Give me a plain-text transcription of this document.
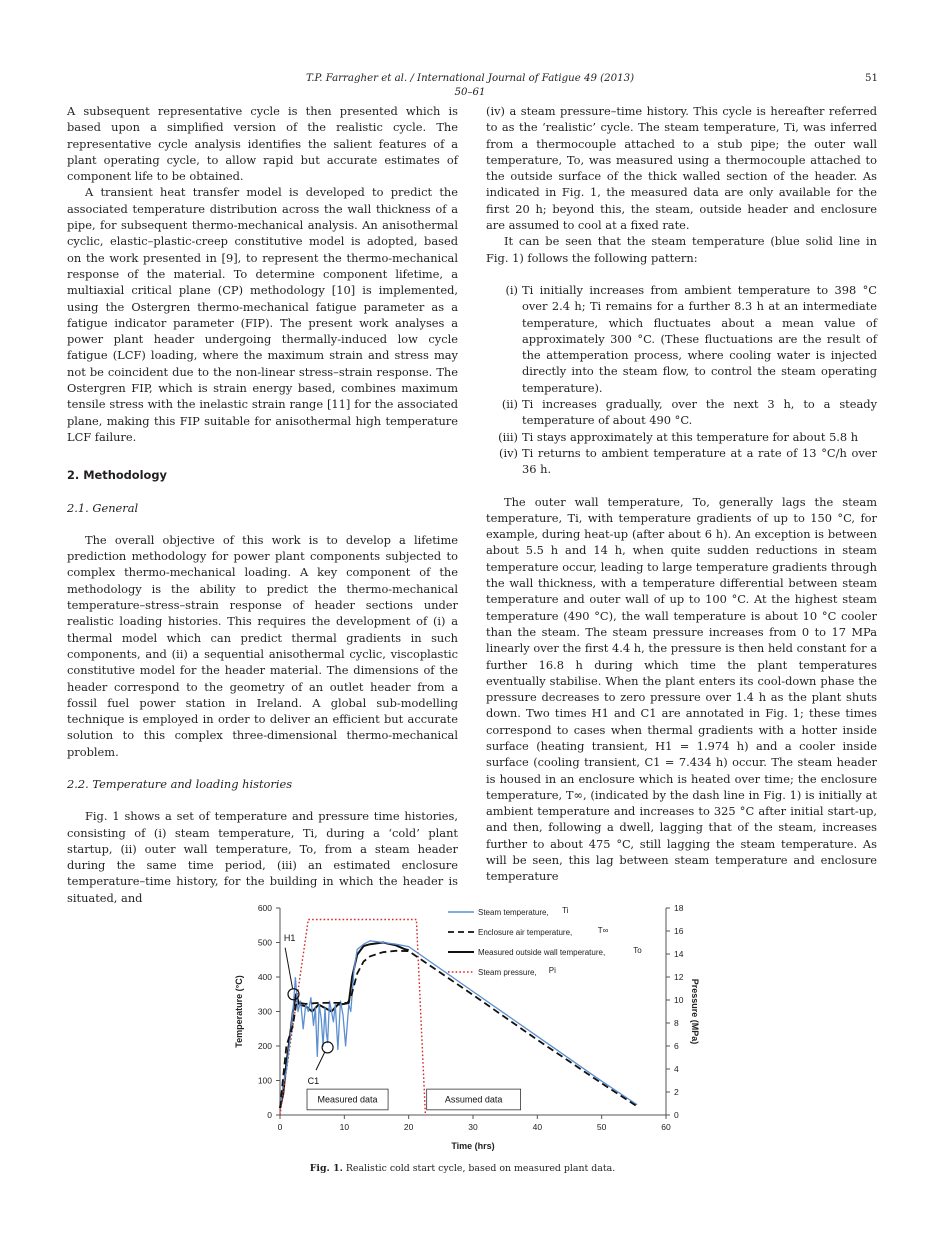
T.P. Farragher et al. / International Journal of Fatigue 49 (2013) 50–61
51

A subsequent representative cycle is then presented which is based upon a simplified version of the realistic cycle. The representative cycle analysis identifies the salient features of a plant operating cycle, to allow rapid but accurate estimates of component life to be obtained.

A transient heat transfer model is developed to predict the associated temperature distribution across the wall thickness of a pipe, for subsequent thermo-mechanical analysis. An anisothermal cyclic, elastic–plastic-creep constitutive model is adopted, based on the work presented in [9], to represent the thermo-mechanical response of the material. To determine component lifetime, a multiaxial critical plane (CP) methodology [10] is implemented, using the Ostergren thermo-mechanical fatigue parameter as a fatigue indicator parameter (FIP). The present work analyses a power plant header undergoing thermally-induced low cycle fatigue (LCF) loading, where the maximum strain and stress may not be coincident due to the non-linear stress–strain response. The Ostergren FIP, which is strain energy based, combines maximum tensile stress with the inelastic strain range [11] for the associated plane, making this FIP suitable for anisothermal high temperature LCF failure.

2. Methodology

2.1. General

The overall objective of this work is to develop a lifetime prediction methodology for power plant components subjected to complex thermo-mechanical loading. A key component of the methodology is the ability to predict the thermo-mechanical temperature–stress–strain response of header sections under realistic loading histories. This requires the development of (i) a thermal model which can predict thermal gradients in such components, and (ii) a sequential anisothermal cyclic, viscoplastic constitutive model for the header material. The dimensions of the header correspond to the geometry of an outlet header from a fossil fuel power station in Ireland. A global sub-modelling technique is employed in order to deliver an efficient but accurate solution to this complex three-dimensional thermo-mechanical problem.

2.2. Temperature and loading histories

Fig. 1 shows a set of temperature and pressure time histories, consisting of (i) steam temperature, Ti, during a ‘cold’ plant startup, (ii) outer wall temperature, To, from a steam header during the same time period, (iii) an estimated enclosure temperature–time history, for the building in which the header is situated, and

(iv) a steam pressure–time history. This cycle is hereafter referred to as the ‘realistic’ cycle. The steam temperature, Ti, was inferred from a thermocouple attached to a stub pipe; the outer wall temperature, To, was measured using a thermocouple attached to the outside surface of the thick walled section of the header. As indicated in Fig. 1, the measured data are only available for the first 20 h; beyond this, the steam, outside header and enclosure are assumed to cool at a fixed rate.

It can be seen that the steam temperature (blue solid line in Fig. 1) follows the following pattern:

(i) Ti initially increases from ambient temperature to 398 °C over 2.4 h; Ti remains for a further 8.3 h at an intermediate temperature, which fluctuates about a mean value of approximately 300 °C. (These fluctuations are the result of the attemperation process, where cooling water is injected directly into the steam flow, to control the steam operating temperature).
(ii) Ti increases gradually, over the next 3 h, to a steady temperature of about 490 °C.
(iii) Ti stays approximately at this temperature for about 5.8 h
(iv) Ti returns to ambient temperature at a rate of 13 °C/h over 36 h.

The outer wall temperature, To, generally lags the steam temperature, Ti, with temperature gradients of up to 150 °C, for example, during heat-up (after about 6 h). An exception is between about 5.5 h and 14 h, when quite sudden reductions in steam temperature occur, leading to large temperature gradients through the wall thickness, with a temperature differential between steam temperature and outer wall of up to 100 °C. At the highest steam temperature (490 °C), the wall temperature is about 10 °C cooler than the steam. The steam pressure increases from 0 to 17 MPa linearly over the first 4.4 h, the pressure is then held constant for a further 16.8 h during which time the plant temperatures eventually stabilise. When the plant enters its cool-down phase the pressure decreases to zero pressure over 1.4 h as the plant shuts down. Two times H1 and C1 are annotated in Fig. 1; these times correspond to cases when thermal gradients with a hotter inside surface (heating transient, H1 = 1.974 h) and a cooler inside surface (cooling transient, C1 = 7.434 h) occur. The steam header is housed in an enclosure which is heated over time; the enclosure temperature, T∞, (indicated by the dash line in Fig. 1) is initially at ambient temperature and increases to 325 °C after initial start-up, and then, following a dwell, lagging that of the steam, increases further to about 475 °C, still lagging the steam temperature. As will be seen, this lag between steam temperature and enclosure temperature

0	10	20	30	40	50	60
0
100
200
300
400
500
600
0
2
4
6
8
10
12
14
16
18
Time (hrs)
Temperature (°C)	Pressure (MPa)
H1
C1
Measured data	Assumed data
Steam temperature, Ti
Enclosure air temperature,	T∞
Measured outside wall temperature,	To
Steam pressure, Pi
Fig. 1. Realistic cold start cycle, based on measured plant data.
